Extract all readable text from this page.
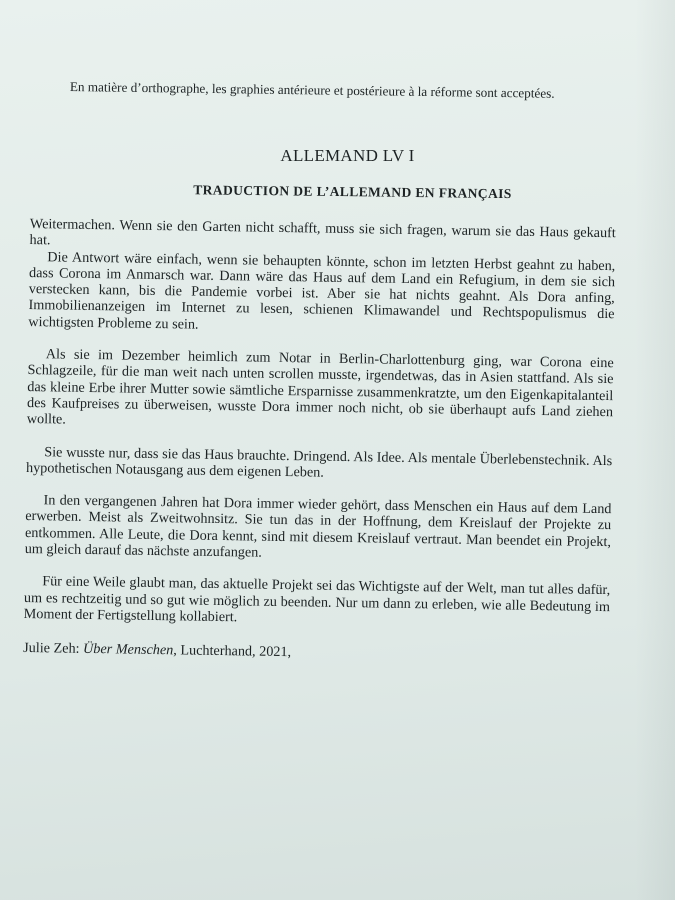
En matière d’orthographe, les graphies antérieure et postérieure à la réforme sont acceptées.
ALLEMAND LV I
TRADUCTION DE L’ALLEMAND EN FRANÇAIS

Weitermachen. Wenn sie den Garten nicht schafft, muss sie sich fragen, warum sie das Haus gekauft hat.

Die Antwort wäre einfach, wenn sie behaupten könnte, schon im letzten Herbst geahnt zu haben, dass Corona im Anmarsch war. Dann wäre das Haus auf dem Land ein Refugium, in dem sie sich verstecken kann, bis die Pandemie vorbei ist. Aber sie hat nichts geahnt. Als Dora anfing, Immobilienanzeigen im Internet zu lesen, schienen Klimawandel und Rechtspopulismus die wichtigsten Probleme zu sein.

Als sie im Dezember heimlich zum Notar in Berlin-Charlottenburg ging, war Corona eine Schlagzeile, für die man weit nach unten scrollen musste, irgendetwas, das in Asien stattfand. Als sie das kleine Erbe ihrer Mutter sowie sämtliche Ersparnisse zusammenkratzte, um den Eigenkapitalanteil des Kaufpreises zu überweisen, wusste Dora immer noch nicht, ob sie überhaupt aufs Land ziehen wollte.

Sie wusste nur, dass sie das Haus brauchte. Dringend. Als Idee. Als mentale Überlebenstechnik. Als hypothetischen Notausgang aus dem eigenen Leben.

In den vergangenen Jahren hat Dora immer wieder gehört, dass Menschen ein Haus auf dem Land erwerben. Meist als Zweitwohnsitz. Sie tun das in der Hoffnung, dem Kreislauf der Projekte zu entkommen. Alle Leute, die Dora kennt, sind mit diesem Kreislauf vertraut. Man beendet ein Projekt, um gleich darauf das nächste anzufangen.

Für eine Weile glaubt man, das aktuelle Projekt sei das Wichtigste auf der Welt, man tut alles dafür, um es rechtzeitig und so gut wie möglich zu beenden. Nur um dann zu erleben, wie alle Bedeutung im Moment der Fertigstellung kollabiert.

Julie Zeh: Über Menschen, Luchterhand, 2021,
